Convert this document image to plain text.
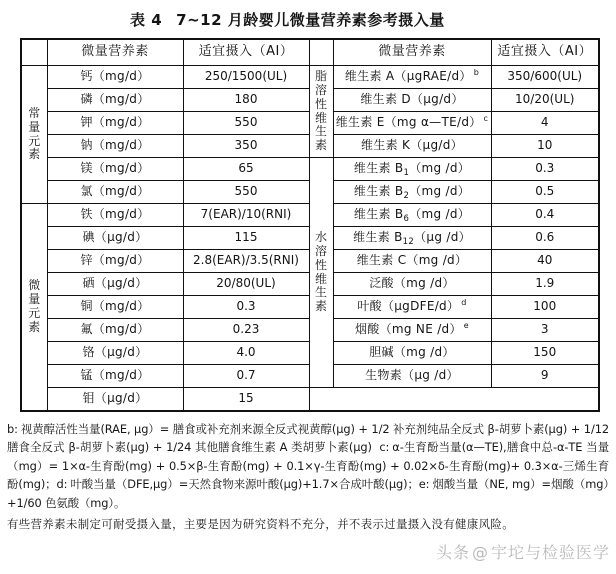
表 4 7~12 月龄婴儿微量营养素参考摄入量
	微量营养素	适宜摄入（AI）		微量营养素	适宜摄入（AI）

常量元素	钙（mg/d）	250/1500(UL)	脂溶性维生素	维生素 A（μgRAE/d） $^b$	350/600(UL)
	磷（mg/d）	180		维生素 D（μg/d）	10/20(UL)
	钾（mg/d）	550		维生素 E（mg α—TE/d） $^c$	4
	钠（mg/d）	350		维生素 K（μg/d）	10
	镁（mg/d）	65	水溶性维生素	维生素 $B_1(mg$ /d）	0.3
	氯（mg/d）	550		维生素 $B_2(mg$ /d）	0.5

微量元素	铁（mg/d）	7(EAR)/10(RNI)		维生素 $B_6(mg$ /d）	0.4
	碘（μg/d）	115		维生素 $B_{12}(\mu g$ /d）	0.6
	锌（mg/d）	2.8(EAR)/3.5(RNI)		维生素 C（mg /d）	40
	硒（μg/d）	20/80(UL)		泛酸（mg /d）	1.9
	铜（mg/d）	0.3		叶酸（μgDFE/d） $^d$	100
	氟（mg/d）	0.23		烟酸（mg NE /d） $^e$	3
	铬（μg/d）	4.0		胆碱（mg /d）	150
	锰（mg/d）	0.7		生物素（μg /d）	9
	钼（μg/d）	15			

b: 视黄醇活性当量(RAE, μg）= 膳食或补充剂来源全反式视黄醇(μg) + 1/2 补充剂纯品全反式 β-胡萝卜素(μg) + 1/12 膳食全反式 β-胡萝卜素(μg) + 1/24 其他膳食维生素 A 类胡萝卜素(μg) c: α-生育酚当量(α—TE),膳食中总-α-TE 当量（mg）= 1×α-生育酚(mg) + 0.5×β-生育酚(mg) + 0.1×γ-生育酚(mg) + 0.02×δ-生育酚(mg)+ 0.3×α-三烯生育酚(mg)；d: 叶酸当量（DFE,μg）=天然食物来源叶酸(μg)+1.7×合成叶酸(μg)；e: 烟酸当量（NE, mg）=烟酸（mg）+1/60 色氨酸（mg）。

有些营养素未制定可耐受摄入量，主要是因为研究资料不充分，并不表示过量摄入没有健康风险。

头条 @ 宇坨与检验医学
